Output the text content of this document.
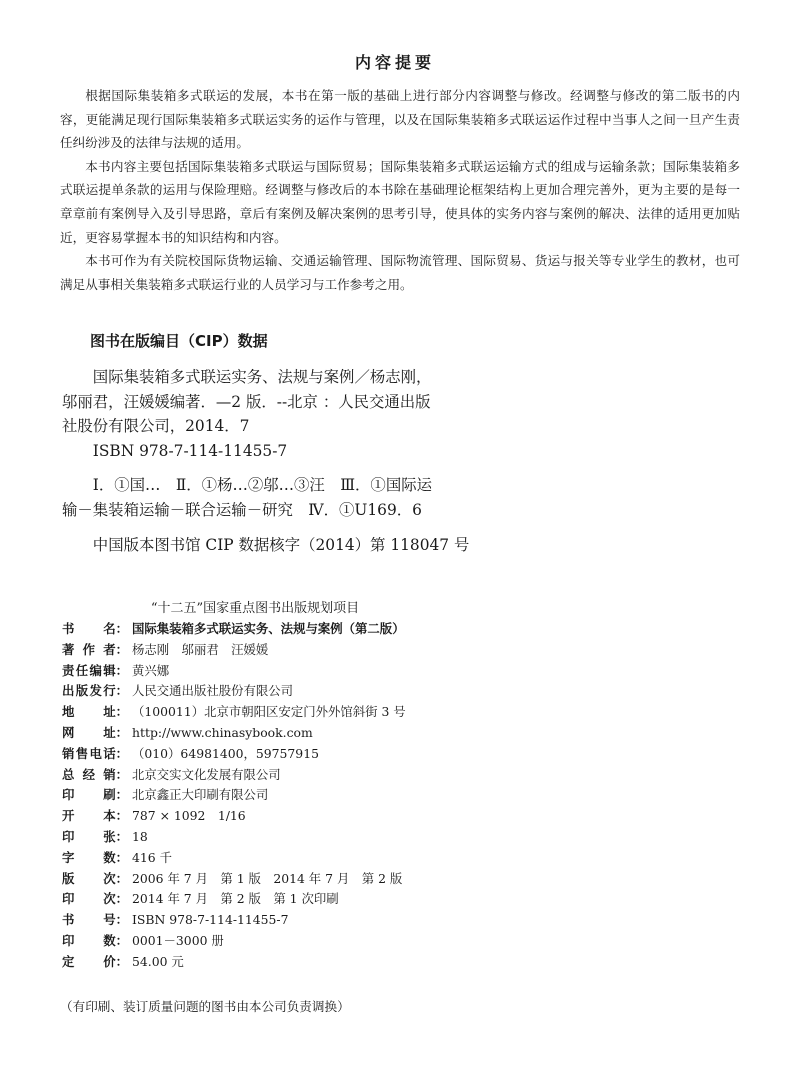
内容提要

根据国际集装箱多式联运的发展，本书在第一版的基础上进行部分内容调整与修改。经调整与修改的第二版书的内容，更能满足现行国际集装箱多式联运实务的运作与管理，以及在国际集装箱多式联运运作过程中当事人之间一旦产生责任纠纷涉及的法律与法规的适用。

本书内容主要包括国际集装箱多式联运与国际贸易；国际集装箱多式联运运输方式的组成与运输条款；国际集装箱多式联运提单条款的运用与保险理赔。经调整与修改后的本书除在基础理论框架结构上更加合理完善外，更为主要的是每一章章前有案例导入及引导思路，章后有案例及解决案例的思考引导，使具体的实务内容与案例的解决、法律的适用更加贴近，更容易掌握本书的知识结构和内容。

本书可作为有关院校国际货物运输、交通运输管理、国际物流管理、国际贸易、货运与报关等专业学生的教材，也可满足从事相关集装箱多式联运行业的人员学习与工作参考之用。

图书在版编目（CIP）数据
国际集装箱多式联运实务、法规与案例／杨志刚，
邬丽君，汪媛媛编著．—2 版．--北京 ：人民交通出版
社股份有限公司，2014．7
ISBN 978-7-114-11455-7
Ⅰ．①国…　Ⅱ．①杨…②邬…③汪　Ⅲ．①国际运
输－集装箱运输－联合运输－研究　Ⅳ．①U169．6
中国版本图书馆 CIP 数据核字（2014）第 118047 号
“十二五”国家重点图书出版规划项目
书 名 ： 国际集装箱多式联运实务、法规与案例（第二版）
著 作 者 ： 杨志刚　邬丽君　汪媛媛
责 任 编 辑 ： 黄兴娜
出 版 发 行 ： 人民交通出版社股份有限公司
地 址 ： （100011）北京市朝阳区安定门外外馆斜街 3 号
网 址 ： http://www.chinasybook.com
销 售 电 话 ： （010）64981400，59757915
总 经 销 ： 北京交实文化发展有限公司
印 刷 ： 北京鑫正大印刷有限公司
开 本 ： 787 × 1092　1/16
印 张 ： 18
字 数 ： 416 千
版 次 ： 2006 年 7 月　第 1 版　2014 年 7 月　第 2 版
印 次 ： 2014 年 7 月　第 2 版　第 1 次印刷
书 号 ： ISBN 978-7-114-11455-7
印 数 ： 0001－3000 册
定 价 ： 54.00 元
（有印刷、装订质量问题的图书由本公司负责调换）
